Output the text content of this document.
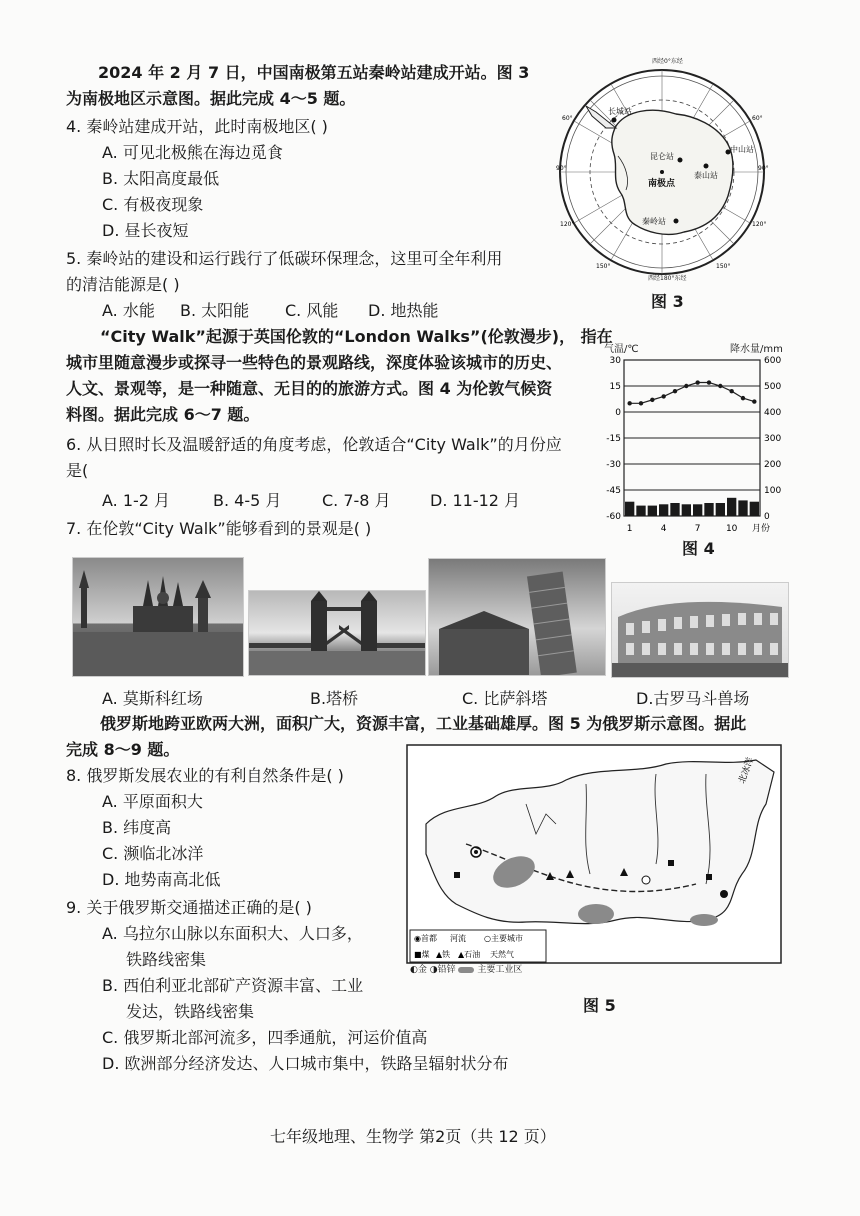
2024 年 2 月 7 日，中国南极第五站秦岭站建成开站。图 3
为南极地区示意图。据此完成 4～5 题。
4. 秦岭站建成开站，此时南极地区( )
A. 可见北极熊在海边觅食
B. 太阳高度最低
C. 有极夜现象
D. 昼长夜短
5. 秦岭站的建设和运行践行了低碳环保理念，这里可全年利用
的清洁能源是( )
A. 水能 B. 太阳能 C. 风能 D. 地热能
西经0°东经
西经180°东经
60°
90°
120°
150°
60°
90°
120°
150°
长城站
昆仑站
中山站
泰山站
秦岭站
南极点
图 3
“City Walk”起源于英国伦敦的“London Walks”(伦敦漫步)， 指在
城市里随意漫步或探寻一些特色的景观路线，深度体验该城市的历史、
人文、景观等，是一种随意、无目的的旅游方式。图 4 为伦敦气候资
料图。据此完成 6～7 题。
6. 从日照时长及温暖舒适的角度考虑，伦敦适合“City Walk”的月份应
是(
A. 1-2 月	B. 4-5 月	C. 7-8 月 D. 11-12 月
7. 在伦敦“City Walk”能够看到的景观是( )
气温/℃	降水量/mm
30
15
0
-15
-30
-45
-60
600
500
400
300
200
100
0
1	4	7	10 月份
图 4
A. 莫斯科红场	B.塔桥	C. 比萨斜塔	D.古罗马斗兽场
俄罗斯地跨亚欧两大洲，面积广大，资源丰富，工业基础雄厚。图 5 为俄罗斯示意图。据此
完成 8～9 题。
8. 俄罗斯发展农业的有利自然条件是( )
A. 平原面积大
B. 纬度高
C. 濒临北冰洋
D. 地势南高北低
9. 关于俄罗斯交通描述正确的是( )
A. 乌拉尔山脉以东面积大、人口多，
铁路线密集
B. 西伯利亚北部矿产资源丰富、工业
发达，铁路线密集
C. 俄罗斯北部河流多，四季通航，河运价值高
D. 欧洲部分经济发达、人口城市集中，铁路呈辐射状分布
北冰洋
◉首都 河流 ○主要城市
■煤 ▲铁 ▲石油 天然气
◐金 ◑铅锌 主要工业区
图 5
七年级地理、生物学 第2页（共 12 页）
